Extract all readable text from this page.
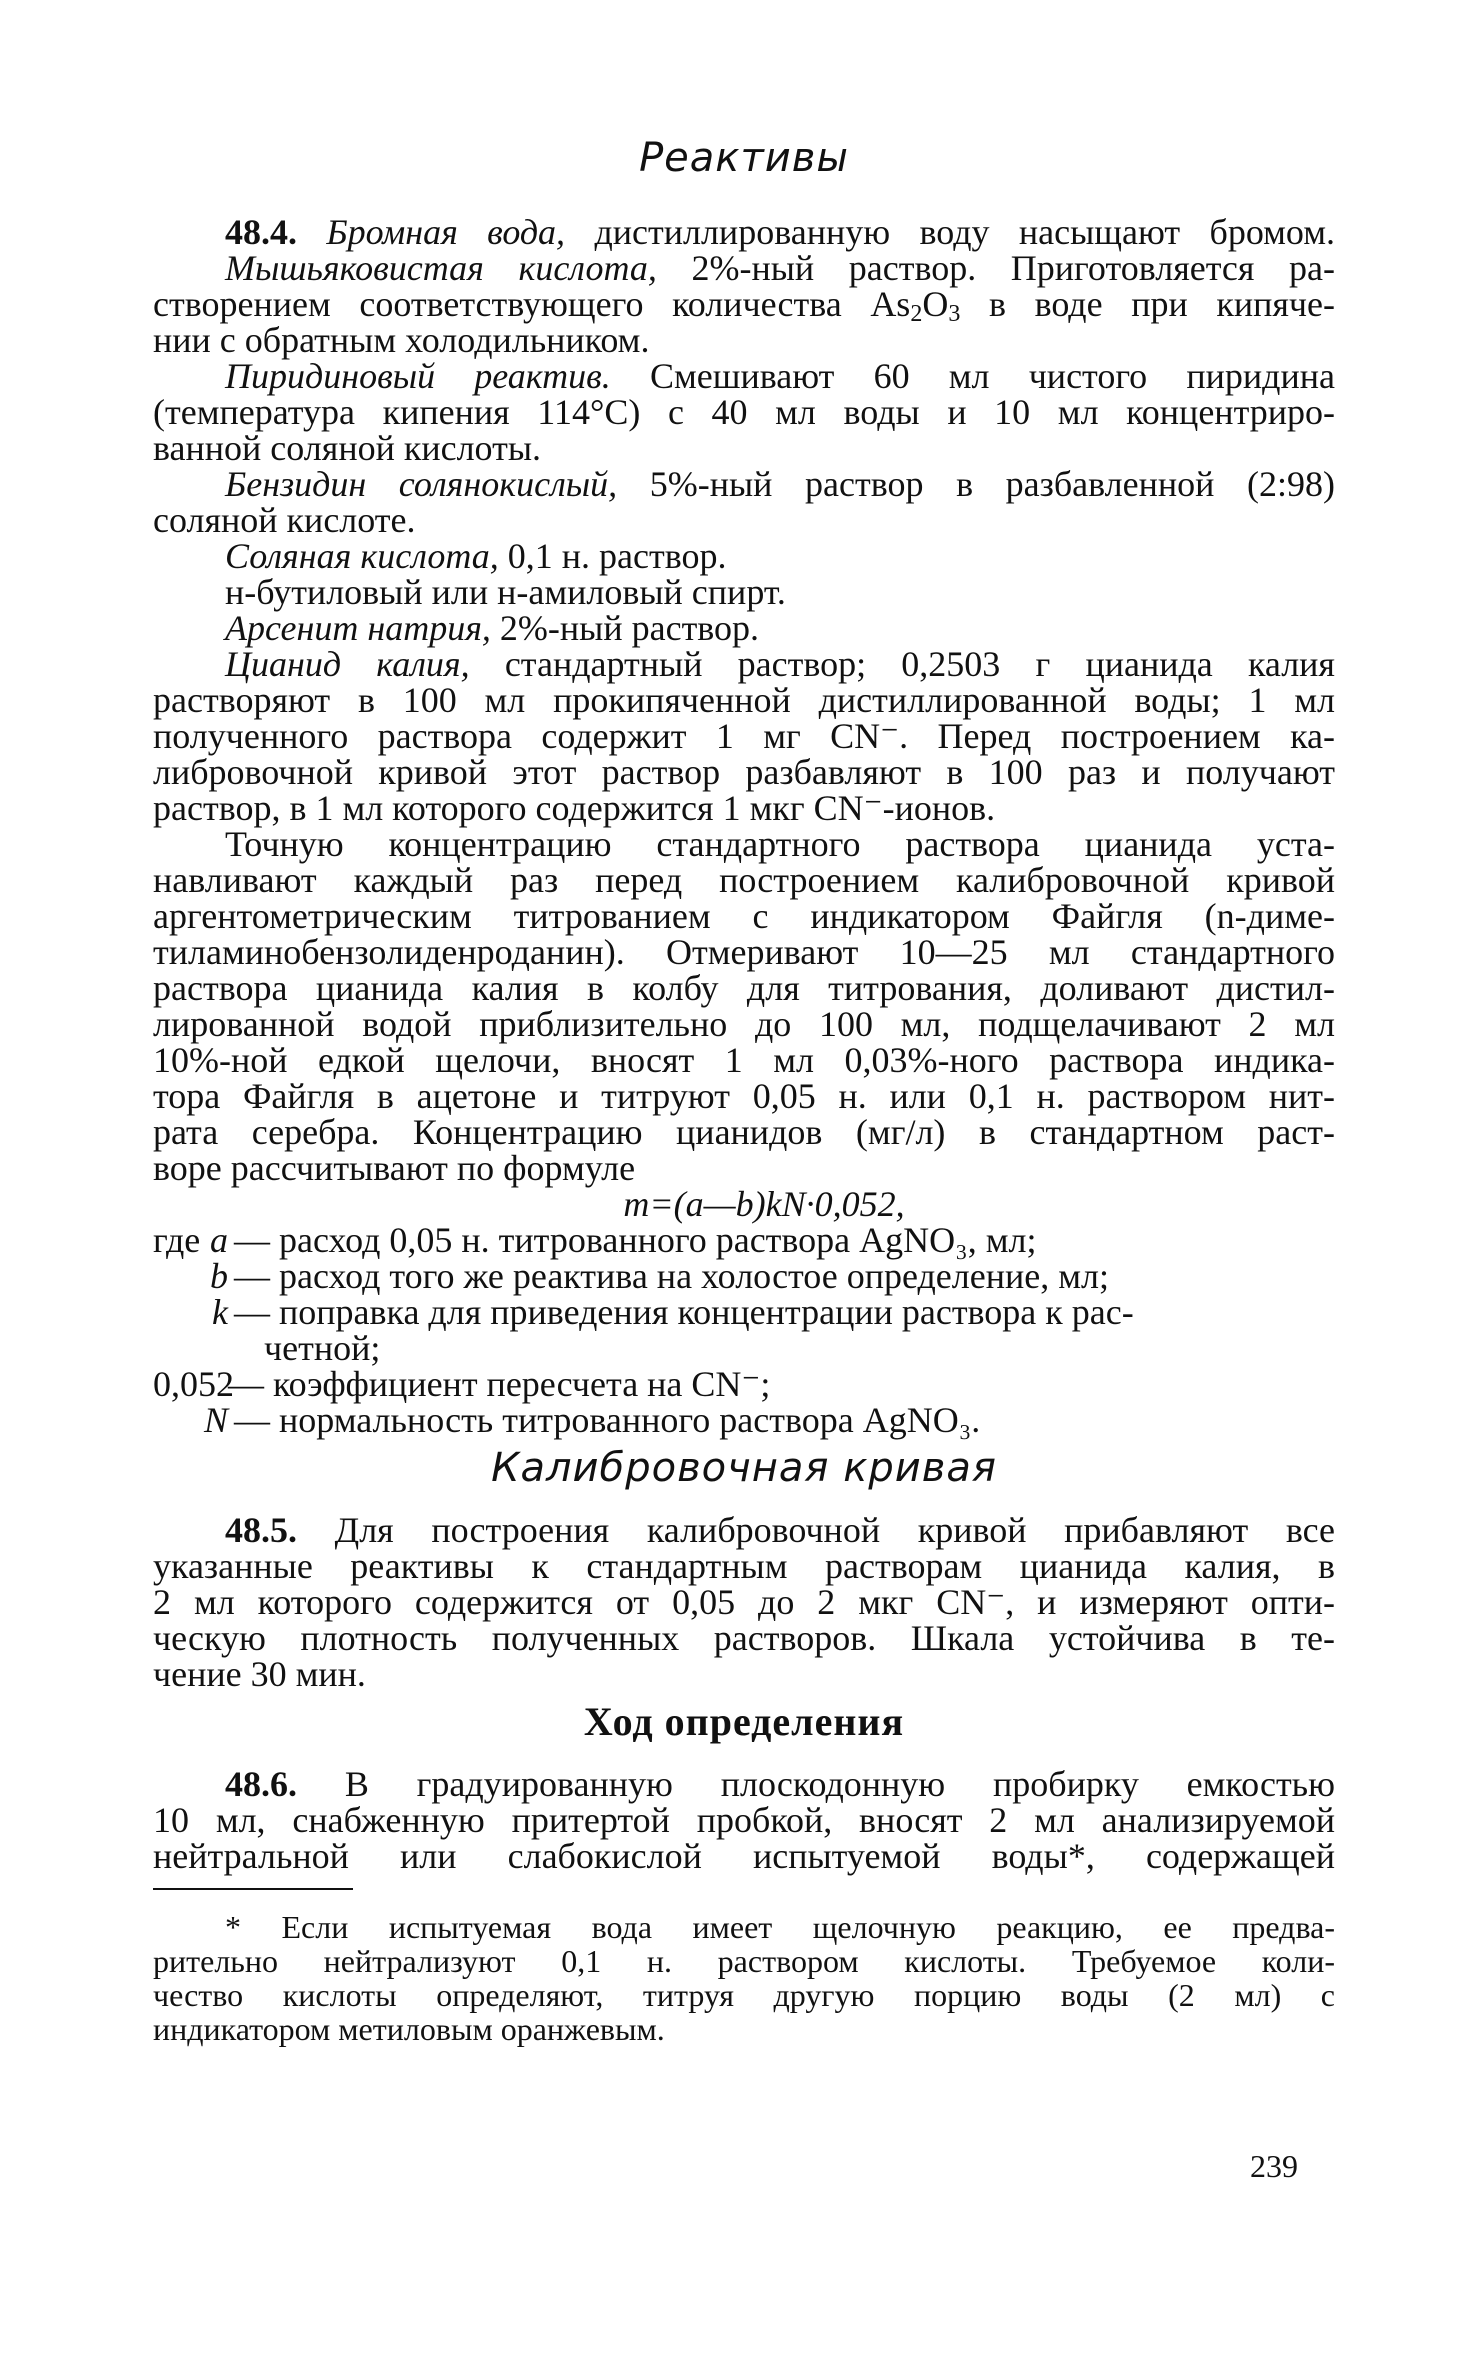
Реактивы
48.4. Бромная вода, дистиллированную воду насыщают бромом.
Мышьяковистая кислота, 2%-ный раствор. Приготовляется ра-
створением соответствующего количества $As_2O_3$ в воде при кипяче-
нии с обратным холодильником.
Пиридиновый реактив. Смешивают 60 мл чистого пиридина
(температура кипения 114°С) с 40 мл воды и 10 мл концентриро-
ванной соляной кислоты.
Бензидин солянокислый, 5%-ный раствор в разбавленной (2:98)
соляной кислоте.
Соляная кислота, 0,1 н. раствор.
н-бутиловый или н-амиловый спирт.
Арсенит натрия, 2%-ный раствор.
Цианид калия, стандартный раствор; 0,2503 г цианида калия
растворяют в 100 мл прокипяченной дистиллированной воды; 1 мл
полученного раствора содержит 1 мг CN⁻. Перед построением ка-
либровочной кривой этот раствор разбавляют в 100 раз и получают
раствор, в 1 мл которого содержится 1 мкг CN⁻-ионов.
Точную концентрацию стандартного раствора цианида уста-
навливают каждый раз перед построением калибровочной кривой
аргентометрическим титрованием с индикатором Файгля (n-диме-
тиламинобензолиденроданин). Отмеривают 10—25 мл стандартного
раствора цианида калия в колбу для титрования, доливают дистил-
лированной водой приблизительно до 100 мл, подщелачивают 2 мл
10%-ной едкой щелочи, вносят 1 мл 0,03%-ного раствора индика-
тора Файгля в ацетоне и титруют 0,05 н. или 0,1 н. раствором нит-
рата серебра. Концентрацию цианидов (мг/л) в стандартном раст-
воре рассчитывают по формуле
m=(a—b)kN·0,052,
где a — расход 0,05 н. титрованного раствора AgNO₃, мл;
b — расход того же реактива на холостое определение, мл;
k — поправка для приведения концентрации раствора к рас-
четной;
0,052
— коэффициент пересчета на CN⁻;
N — нормальность титрованного раствора AgNO₃.
Калибровочная кривая
48.5. Для построения калибровочной кривой прибавляют все
указанные реактивы к стандартным растворам цианида калия, в
2 мл которого содержится от 0,05 до 2 мкг CN⁻, и измеряют опти-
ческую плотность полученных растворов. Шкала устойчива в те-
чение 30 мин.
Ход определения
48.6. В градуированную плоскодонную пробирку емкостью
10 мл, снабженную притертой пробкой, вносят 2 мл анализируемой
нейтральной или слабокислой испытуемой воды*, содержащей
* Если испытуемая вода имеет щелочную реакцию, ее предва-
рительно нейтрализуют 0,1 н. раствором кислоты. Требуемое коли-
чество кислоты определяют, титруя другую порцию воды (2 мл) с
индикатором метиловым оранжевым.
239
